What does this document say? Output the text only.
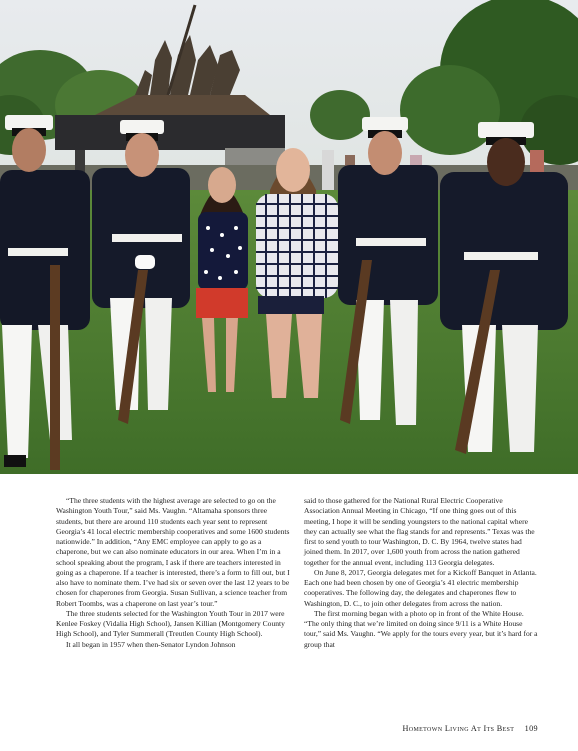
“The three students with the highest average are selected to go on the Washington Youth Tour,” said Ms. Vaughn. “Altamaha sponsors three students, but there are around 110 students each year sent to represent Georgia’s 41 local electric membership cooperatives and some 1600 students nationwide.” In addition, “Any EMC employee can apply to go as a chaperone, but we can also nominate educators in our area. When I’m in a school speaking about the program, I ask if there are teachers interested in going as a chaperone. If a teacher is interested, there’s a form to fill out, but I also have to nominate them. I’ve had six or seven over the last 12 years to be chosen for chaperones from Georgia. Susan Sullivan, a science teacher from Robert Toombs, was a chaperone on last year’s tour.”

The three students selected for the Washington Youth Tour in 2017 were Kenlee Foskey (Vidalia High School), Jansen Killian (Montgomery County High School), and Tyler Summerall (Treutlen County High School).

It all began in 1957 when then-Senator Lyndon Johnson

said to those gathered for the National Rural Electric Cooperative Association Annual Meeting in Chicago, “If one thing goes out of this meeting, I hope it will be sending youngsters to the national capital where they can actually see what the flag stands for and represents.” Texas was the first to send youth to tour Washington, D. C. By 1964, twelve states had joined them. In 2017, over 1,600 youth from across the nation gathered together for the annual event, including 113 Georgia delegates.

On June 8, 2017, Georgia delegates met for a Kickoff Banquet in Atlanta. Each one had been chosen by one of Georgia’s 41 electric membership cooperatives. The following day, the delegates and chaperones flew to Washington, D. C., to join other delegates from across the nation.

The first morning began with a photo op in front of the White House. “The only thing that we’re limited on doing since 9/11 is a White House tour,” said Ms. Vaughn. “We apply for the tours every year, but it’s hard for a group that

Hometown Living At Its Best 109
